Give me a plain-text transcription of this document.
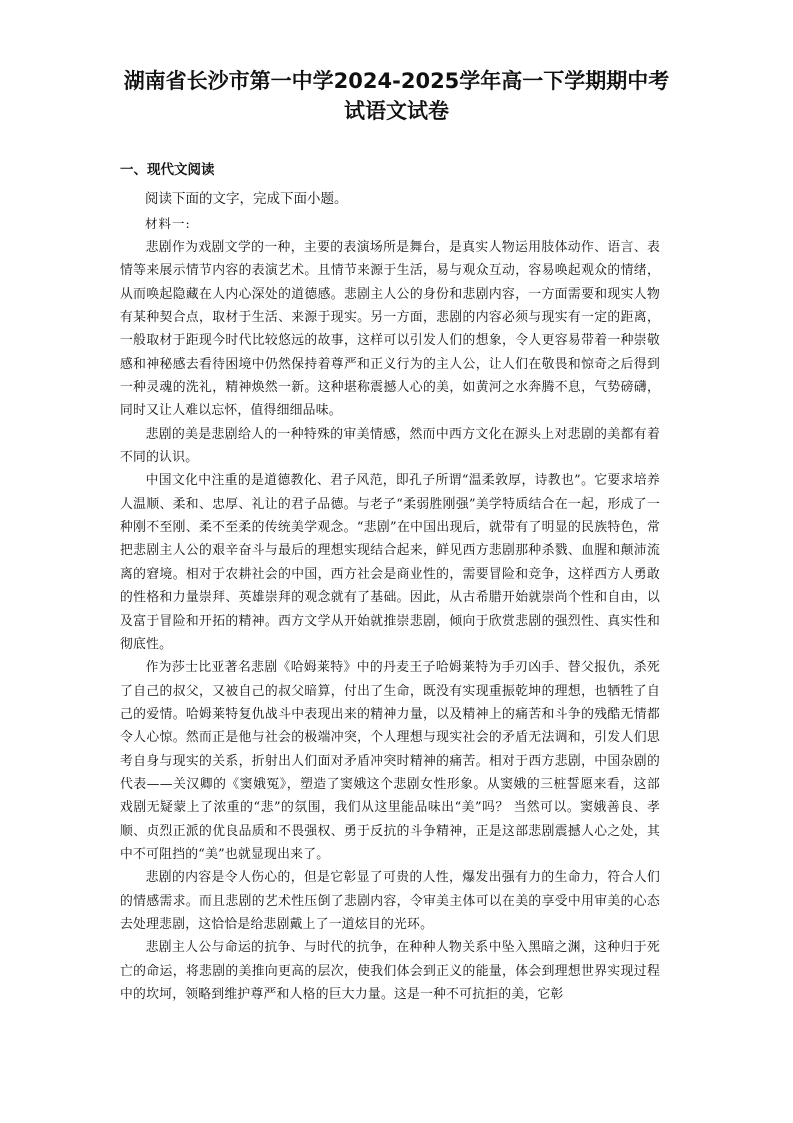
湖南省长沙市第一中学2024-2025学年高一下学期期中考
试语文试卷
一、现代文阅读
阅读下面的文字，完成下面小题。
材料一:

悲剧作为戏剧文学的一种，主要的表演场所是舞台，是真实人物运用肢体动作、语言、表情等来展示情节内容的表演艺术。且情节来源于生活，易与观众互动，容易唤起观众的情绪，从而唤起隐藏在人内心深处的道德感。悲剧主人公的身份和悲剧内容，一方面需要和现实人物有某种契合点，取材于生活、来源于现实。另一方面，悲剧的内容必须与现实有一定的距离，一般取材于距现今时代比较悠远的故事，这样可以引发人们的想象，令人更容易带着一种崇敬感和神秘感去看待困境中仍然保持着尊严和正义行为的主人公，让人们在敬畏和惊奇之后得到一种灵魂的洗礼，精神焕然一新。这种堪称震撼人心的美，如黄河之水奔腾不息，气势磅礴，同时又让人难以忘怀，值得细细品味。

悲剧的美是悲剧给人的一种特殊的审美情感，然而中西方文化在源头上对悲剧的美都有着不同的认识。

中国文化中注重的是道德教化、君子风范，即孔子所谓“温柔敦厚，诗教也”。它要求培养人温顺、柔和、忠厚、礼让的君子品德。与老子“柔弱胜刚强”美学特质结合在一起，形成了一种刚不至刚、柔不至柔的传统美学观念。“悲剧”在中国出现后，就带有了明显的民族特色，常把悲剧主人公的艰辛奋斗与最后的理想实现结合起来，鲜见西方悲剧那种杀戮、血腥和颠沛流离的窘境。相对于农耕社会的中国，西方社会是商业性的，需要冒险和竞争，这样西方人勇敢的性格和力量崇拜、英雄崇拜的观念就有了基础。因此，从古希腊开始就崇尚个性和自由，以及富于冒险和开拓的精神。西方文学从开始就推崇悲剧，倾向于欣赏悲剧的强烈性、真实性和彻底性。

作为莎士比亚著名悲剧《哈姆莱特》中的丹麦王子哈姆莱特为手刃凶手、替父报仇，杀死了自己的叔父，又被自己的叔父暗算，付出了生命，既没有实现重振乾坤的理想，也牺牲了自己的爱情。哈姆莱特复仇战斗中表现出来的精神力量，以及精神上的痛苦和斗争的残酷无情都令人心惊。然而正是他与社会的极端冲突，个人理想与现实社会的矛盾无法调和，引发人们思考自身与现实的关系，折射出人们面对矛盾冲突时精神的痛苦。相对于西方悲剧，中国杂剧的代表——关汉卿的《窦娥冤》，塑造了窦娥这个悲剧女性形象。从窦娥的三桩誓愿来看，这部戏剧无疑蒙上了浓重的“悲”的氛围，我们从这里能品味出“美”吗？ 当然可以。窦娥善良、孝顺、贞烈正派的优良品质和不畏强权、勇于反抗的斗争精神，正是这部悲剧震撼人心之处，其中不可阻挡的“美”也就显现出来了。

悲剧的内容是令人伤心的，但是它彰显了可贵的人性，爆发出强有力的生命力，符合人们的情感需求。而且悲剧的艺术性压倒了悲剧内容，令审美主体可以在美的享受中用审美的心态去处理悲剧，这恰恰是给悲剧戴上了一道炫目的光环。

悲剧主人公与命运的抗争、与时代的抗争，在种种人物关系中坠入黑暗之渊，这种归于死亡的命运，将悲剧的美推向更高的层次，使我们体会到正义的能量，体会到理想世界实现过程中的坎坷，领略到维护尊严和人格的巨大力量。这是一种不可抗拒的美，它彰
